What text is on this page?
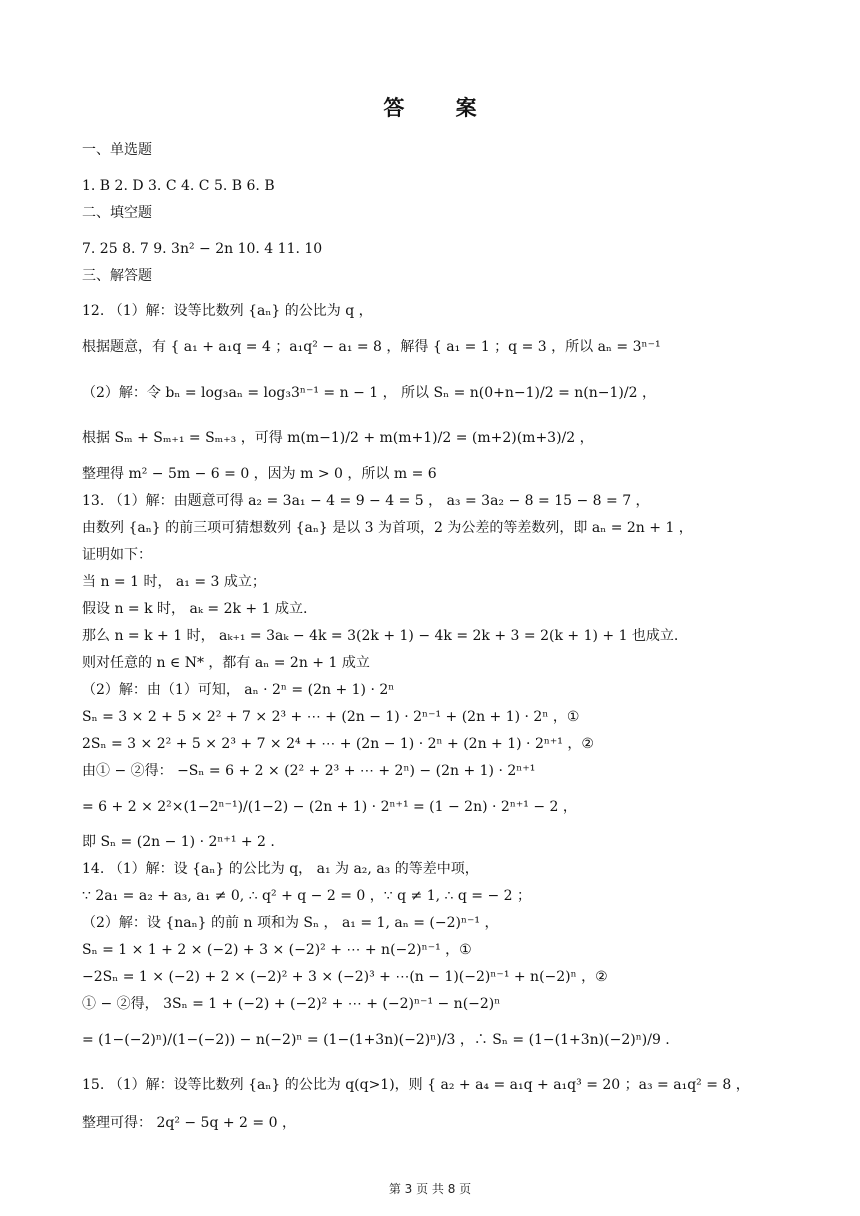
答 案
一、单选题
1. B 2. D 3. C 4. C 5. B 6. B
二、填空题
7. 25 8. 7 9. 3n² − 2n 10. 4 11. 10
三、解答题
12. （1）解：设等比数列 {aₙ} 的公比为 q ，
根据题意，有 { a₁ + a₁q = 4 ；a₁q² − a₁ = 8 ，解得 { a₁ = 1 ；q = 3 ，所以 aₙ = 3ⁿ⁻¹
（2）解：令 bₙ = log₃aₙ = log₃3ⁿ⁻¹ = n − 1 ， 所以 Sₙ = n(0+n−1)/2 = n(n−1)/2 ，
根据 Sₘ + Sₘ₊₁ = Sₘ₊₃ ，可得 m(m−1)/2 + m(m+1)/2 = (m+2)(m+3)/2 ，
整理得 m² − 5m − 6 = 0 ，因为 m > 0 ，所以 m = 6
13. （1）解：由题意可得 a₂ = 3a₁ − 4 = 9 − 4 = 5 ， a₃ = 3a₂ − 8 = 15 − 8 = 7 ，
由数列 {aₙ} 的前三项可猜想数列 {aₙ} 是以 3 为首项，2 为公差的等差数列，即 aₙ = 2n + 1 ，
证明如下：
当 n = 1 时， a₁ = 3 成立；
假设 n = k 时， aₖ = 2k + 1 成立.
那么 n = k + 1 时， aₖ₊₁ = 3aₖ − 4k = 3(2k + 1) − 4k = 2k + 3 = 2(k + 1) + 1 也成立.
则对任意的 n ∈ N* ，都有 aₙ = 2n + 1 成立
（2）解：由（1）可知， aₙ · 2ⁿ = (2n + 1) · 2ⁿ
Sₙ = 3 × 2 + 5 × 2² + 7 × 2³ + ⋯ + (2n − 1) · 2ⁿ⁻¹ + (2n + 1) · 2ⁿ ，①
2Sₙ = 3 × 2² + 5 × 2³ + 7 × 2⁴ + ⋯ + (2n − 1) · 2ⁿ + (2n + 1) · 2ⁿ⁺¹ ，②
由① − ②得： −Sₙ = 6 + 2 × (2² + 2³ + ⋯ + 2ⁿ) − (2n + 1) · 2ⁿ⁺¹
= 6 + 2 × 2²×(1−2ⁿ⁻¹)/(1−2) − (2n + 1) · 2ⁿ⁺¹ = (1 − 2n) · 2ⁿ⁺¹ − 2 ，
即 Sₙ = (2n − 1) · 2ⁿ⁺¹ + 2 .
14. （1）解：设 {aₙ} 的公比为 q， a₁ 为 a₂, a₃ 的等差中项，
∵ 2a₁ = a₂ + a₃, a₁ ≠ 0, ∴ q² + q − 2 = 0 ，∵ q ≠ 1, ∴ q = − 2 ；
（2）解：设 {naₙ} 的前 n 项和为 Sₙ ， a₁ = 1, aₙ = (−2)ⁿ⁻¹ ，
Sₙ = 1 × 1 + 2 × (−2) + 3 × (−2)² + ⋯ + n(−2)ⁿ⁻¹ ，①
−2Sₙ = 1 × (−2) + 2 × (−2)² + 3 × (−2)³ + ⋯(n − 1)(−2)ⁿ⁻¹ + n(−2)ⁿ ，②
① − ②得， 3Sₙ = 1 + (−2) + (−2)² + ⋯ + (−2)ⁿ⁻¹ − n(−2)ⁿ
= (1−(−2)ⁿ)/(1−(−2)) − n(−2)ⁿ = (1−(1+3n)(−2)ⁿ)/3 ，∴ Sₙ = (1−(1+3n)(−2)ⁿ)/9 .
15. （1）解：设等比数列 {aₙ} 的公比为 q(q>1)，则 { a₂ + a₄ = a₁q + a₁q³ = 20 ；a₃ = a₁q² = 8 ，
整理可得： 2q² − 5q + 2 = 0 ，
第 3 页 共 8 页
